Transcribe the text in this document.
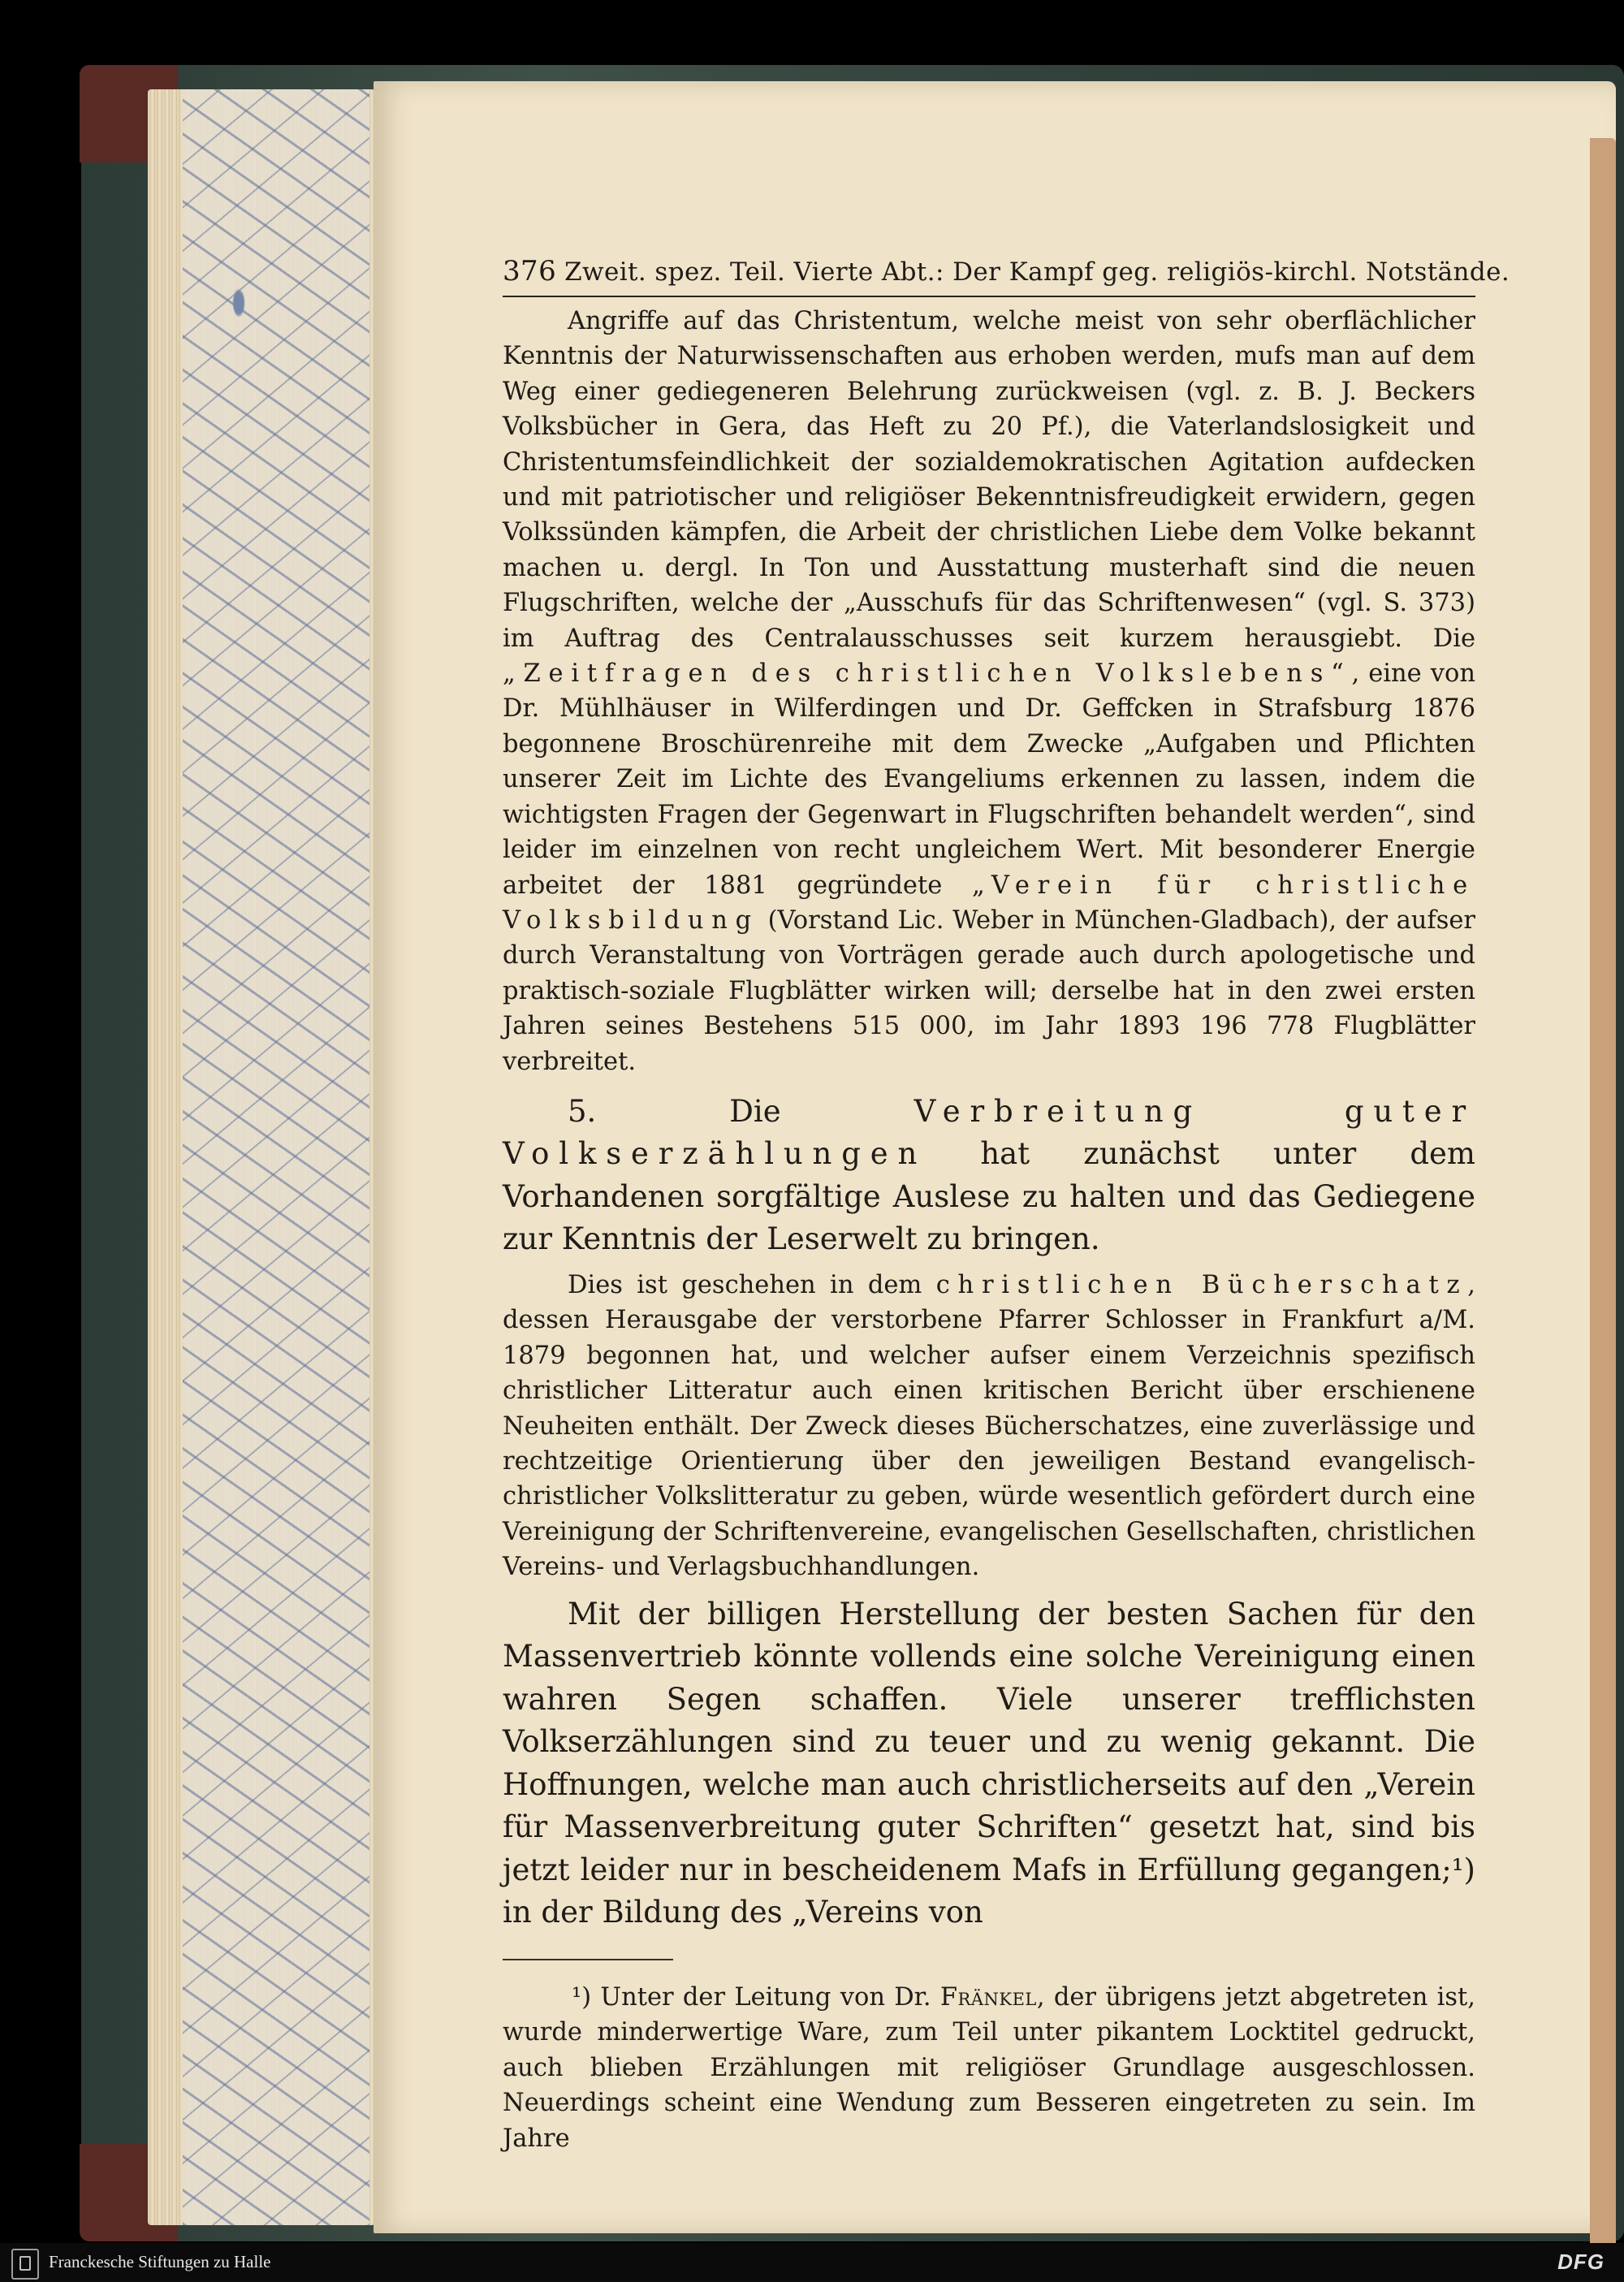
376 Zweit. spez. Teil. Vierte Abt.: Der Kampf geg. religiös-kirchl. Notstände.

Angriffe auf das Christentum, welche meist von sehr oberflächlicher Kenntnis der Naturwissenschaften aus erhoben werden, mufs man auf dem Weg einer gediegeneren Belehrung zurückweisen (vgl. z. B. J. Beckers Volksbücher in Gera, das Heft zu 20 Pf.), die Vaterlandslosigkeit und Christentumsfeindlichkeit der sozialdemokratischen Agitation aufdecken und mit patriotischer und religiöser Bekenntnisfreudigkeit erwidern, gegen Volkssünden kämpfen, die Arbeit der christlichen Liebe dem Volke bekannt machen u. dergl. In Ton und Ausstattung musterhaft sind die neuen Flugschriften, welche der „Ausschufs für das Schriftenwesen“ (vgl. S. 373) im Auftrag des Centralausschusses seit kurzem herausgiebt. Die „Zeitfragen des christlichen Volkslebens“, eine von Dr. Mühlhäuser in Wilferdingen und Dr. Geffcken in Strafsburg 1876 begonnene Broschürenreihe mit dem Zwecke „Aufgaben und Pflichten unserer Zeit im Lichte des Evangeliums erkennen zu lassen, indem die wichtigsten Fragen der Gegenwart in Flugschriften behandelt werden“, sind leider im einzelnen von recht ungleichem Wert. Mit besonderer Energie arbeitet der 1881 gegründete „Verein für christliche Volksbildung (Vorstand Lic. Weber in München-Gladbach), der aufser durch Veranstaltung von Vorträgen gerade auch durch apologetische und praktisch-soziale Flugblätter wirken will; derselbe hat in den zwei ersten Jahren seines Bestehens 515 000, im Jahr 1893 196 778 Flugblätter verbreitet.

5. Die Verbreitung guter Volkserzählungen hat zunächst unter dem Vorhandenen sorgfältige Auslese zu halten und das Gediegene zur Kenntnis der Leserwelt zu bringen.

Dies ist geschehen in dem christlichen Bücherschatz, dessen Herausgabe der verstorbene Pfarrer Schlosser in Frankfurt a/M. 1879 begonnen hat, und welcher aufser einem Verzeichnis spezifisch christlicher Litteratur auch einen kritischen Bericht über erschienene Neuheiten enthält. Der Zweck dieses Bücherschatzes, eine zuverlässige und rechtzeitige Orientierung über den jeweiligen Bestand evangelisch-christlicher Volkslitteratur zu geben, würde wesentlich gefördert durch eine Vereinigung der Schriftenvereine, evangelischen Gesellschaften, christlichen Vereins- und Verlagsbuchhandlungen.

Mit der billigen Herstellung der besten Sachen für den Massenvertrieb könnte vollends eine solche Vereinigung einen wahren Segen schaffen. Viele unserer trefflichsten Volkserzählungen sind zu teuer und zu wenig gekannt. Die Hoffnungen, welche man auch christlicherseits auf den „Verein für Massenverbreitung guter Schriften“ gesetzt hat, sind bis jetzt leider nur in bescheidenem Mafs in Erfüllung gegangen;¹) in der Bildung des „Vereins von

¹) Unter der Leitung von Dr. Fränkel, der übrigens jetzt abgetreten ist, wurde minderwertige Ware, zum Teil unter pikantem Locktitel gedruckt, auch blieben Erzählungen mit religiöser Grundlage ausgeschlossen. Neuerdings scheint eine Wendung zum Besseren eingetreten zu sein. Im Jahre

Franckesche Stiftungen zu Halle	DFG
